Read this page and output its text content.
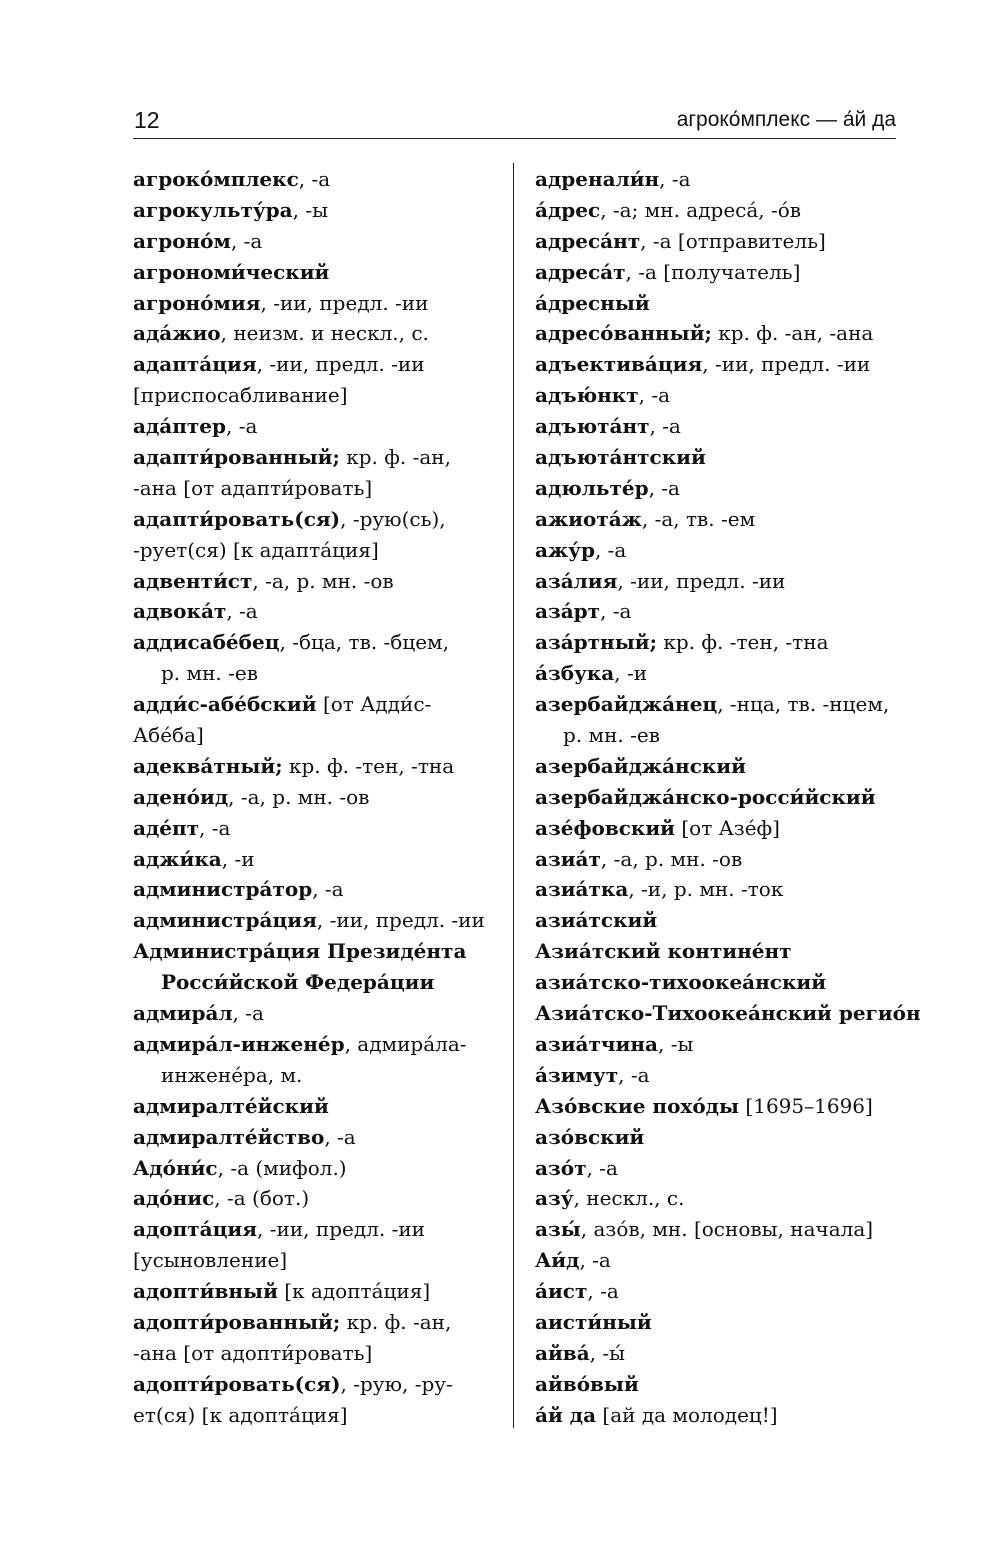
12	агроко́мплекс — а́й да
агроко́мплекс, -а
агрокульту́ра, -ы
агроно́м, -а
агрономи́ческий
агроно́мия, -ии, предл. -ии
ада́жио, неизм. и нескл., с.
адапта́ция, -ии, предл. -ии
[приспосабливание]
ада́птер, -а
адапти́рованный; кр. ф. -ан,
-ана [от адапти́ровать]
адапти́ровать(ся), -рую(сь),
-рует(ся) [к адапта́ция]
адвенти́ст, -а, р. мн. -ов
адвока́т, -а
аддисабе́бец, -бца, тв. -бцем,
р. мн. -ев
адди́с-абе́бский [от Адди́с-
Абе́ба]
адеква́тный; кр. ф. -тен, -тна
адено́ид, -а, р. мн. -ов
аде́пт, -а
аджи́ка, -и
администра́тор, -а
администра́ция, -ии, предл. -ии
Администра́ция Президе́нта
Росси́йской Федера́ции
адмира́л, -а
адмира́л-инжене́р, адмира́ла-
инжене́ра, м.
адмиралте́йский
адмиралте́йство, -а
Адо́ни́с, -а (мифол.)
адо́нис, -а (бот.)
адопта́ция, -ии, предл. -ии
[усыновление]
адопти́вный [к адопта́ция]
адопти́рованный; кр. ф. -ан,
-ана [от адопти́ровать]
адопти́ровать(ся), -рую, -ру-
ет(ся) [к адопта́ция]
адренали́н, -а
а́дрес, -а; мн. адреса́, -о́в
адреса́нт, -а [отправитель]
адреса́т, -а [получатель]
а́дресный
адресо́ванный; кр. ф. -ан, -ана
адъектива́ция, -ии, предл. -ии
адъю́нкт, -а
адъюта́нт, -а
адъюта́нтский
адюльте́р, -а
ажиота́ж, -а, тв. -ем
ажу́р, -а
аза́лия, -ии, предл. -ии
аза́рт, -а
аза́ртный; кр. ф. -тен, -тна
а́збука, -и
азербайджа́нец, -нца, тв. -нцем,
р. мн. -ев
азербайджа́нский
азербайджа́нско-росси́йский
азе́фовский [от Азе́ф]
азиа́т, -а, р. мн. -ов
азиа́тка, -и, р. мн. -ток
азиа́тский
Азиа́тский контине́нт
азиа́тско-тихоокеа́нский
Азиа́тско-Тихоокеа́нский регио́н
азиа́тчина, -ы
а́зимут, -а
Азо́вские похо́ды [1695–1696]
азо́вский
азо́т, -а
азу́, нескл., с.
азы́, азо́в, мн. [основы, начала]
Аи́д, -а
а́ист, -а
аисти́ный
айва́, -ы́
айво́вый
а́й да [ай да молодец!]
